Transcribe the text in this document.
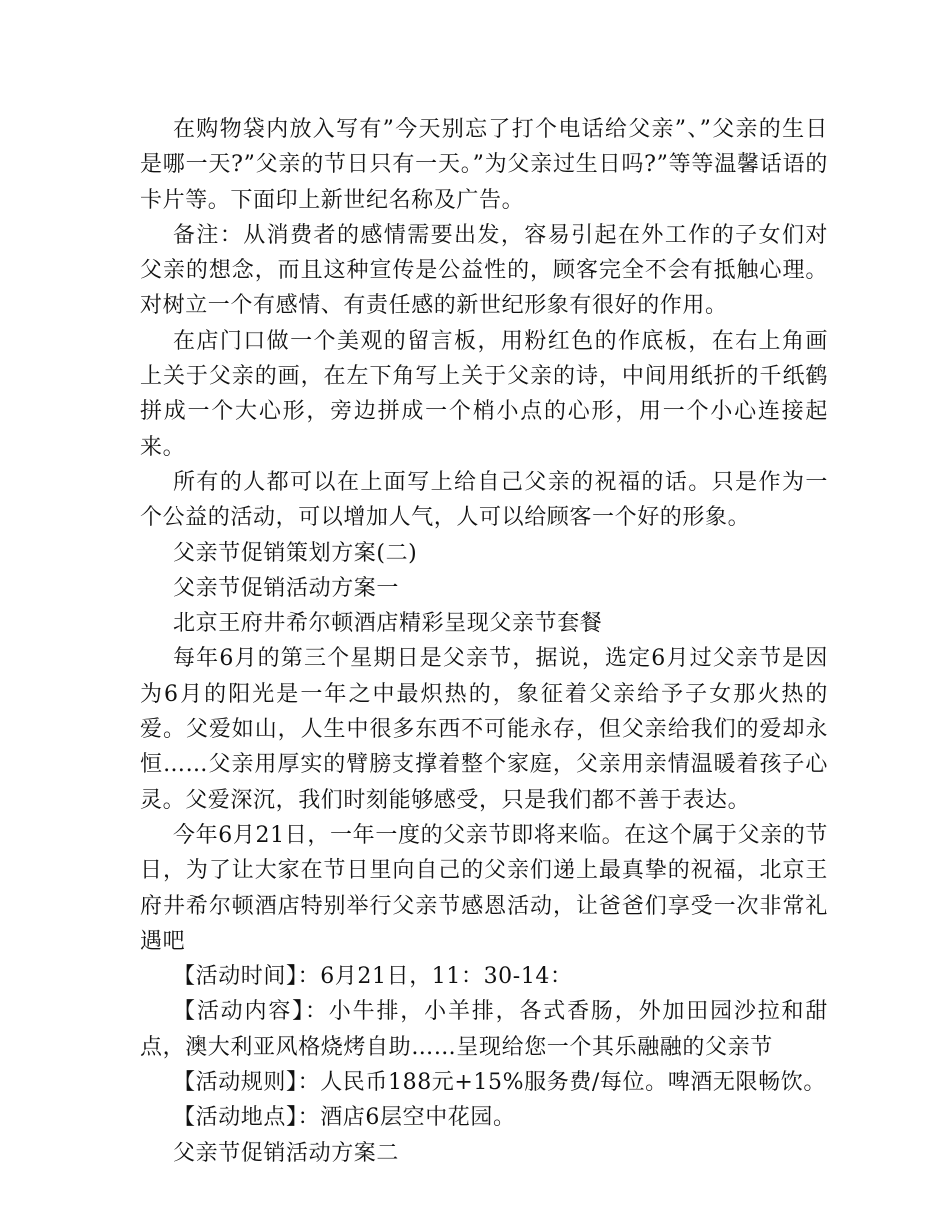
在购物袋内放入写有”今天别忘了打个电话给父亲”、”父亲的生日是哪一天?”父亲的节日只有一天。”为父亲过生日吗?”等等温馨话语的卡片等。下面印上新世纪名称及广告。

备注：从消费者的感情需要出发，容易引起在外工作的子女们对父亲的想念，而且这种宣传是公益性的，顾客完全不会有抵触心理。对树立一个有感情、有责任感的新世纪形象有很好的作用。

在店门口做一个美观的留言板，用粉红色的作底板，在右上角画上关于父亲的画，在左下角写上关于父亲的诗，中间用纸折的千纸鹤拼成一个大心形，旁边拼成一个梢小点的心形，用一个小心连接起来。

所有的人都可以在上面写上给自己父亲的祝福的话。只是作为一个公益的活动，可以增加人气，人可以给顾客一个好的形象。

父亲节促销策划方案(二)

父亲节促销活动方案一

北京王府井希尔顿酒店精彩呈现父亲节套餐

每年6月的第三个星期日是父亲节，据说，选定6月过父亲节是因为6月的阳光是一年之中最炽热的，象征着父亲给予子女那火热的爱。父爱如山，人生中很多东西不可能永存，但父亲给我们的爱却永恒……父亲用厚实的臂膀支撑着整个家庭，父亲用亲情温暖着孩子心灵。父爱深沉，我们时刻能够感受，只是我们都不善于表达。

今年6月21日，一年一度的父亲节即将来临。在这个属于父亲的节日，为了让大家在节日里向自己的父亲们递上最真挚的祝福，北京王府井希尔顿酒店特别举行父亲节感恩活动，让爸爸们享受一次非常礼遇吧

【活动时间】：6月21日，11：30-14：

【活动内容】：小牛排，小羊排，各式香肠，外加田园沙拉和甜点，澳大利亚风格烧烤自助……呈现给您一个其乐融融的父亲节

【活动规则】：人民币188元+15%服务费/每位。啤酒无限畅饮。

【活动地点】：酒店6层空中花园。

父亲节促销活动方案二
